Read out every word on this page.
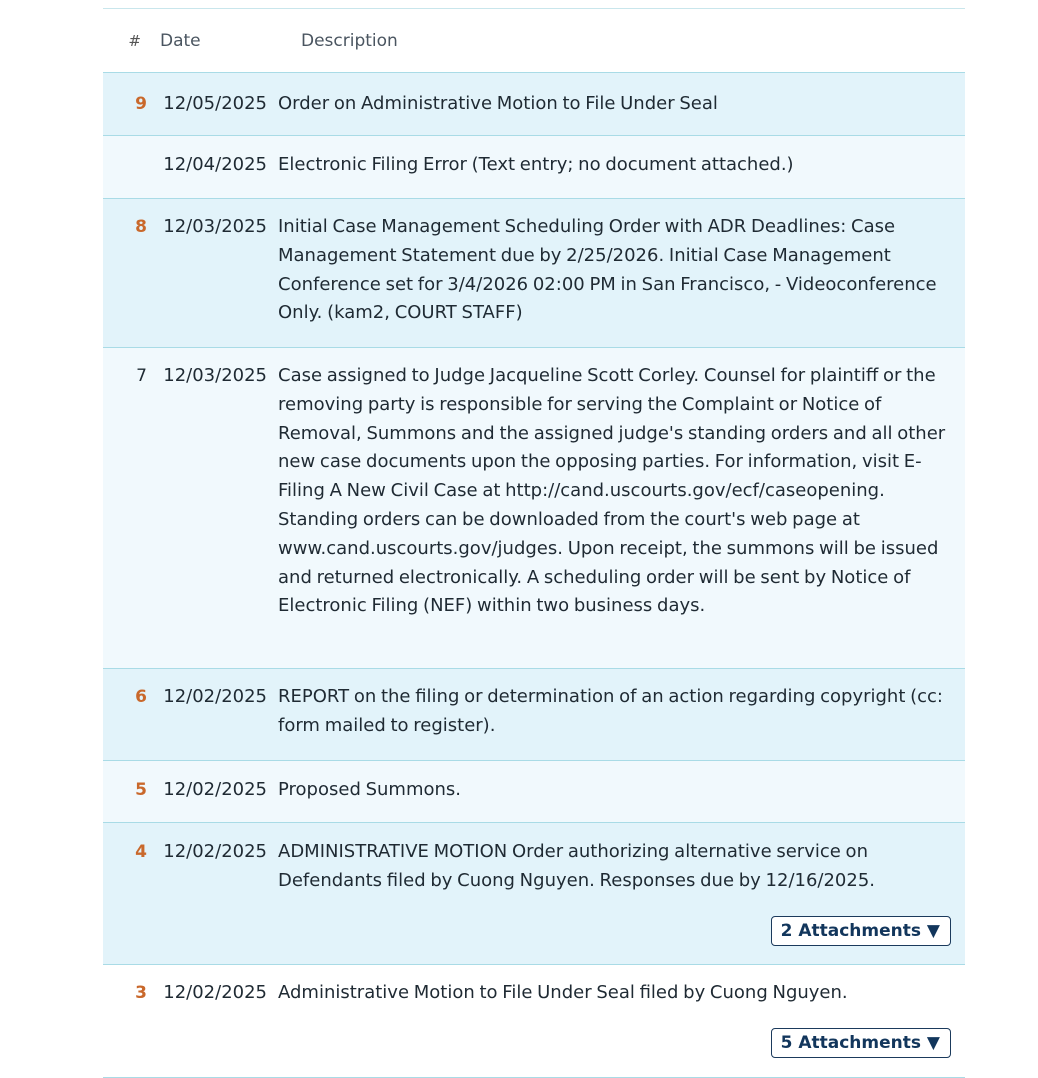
#	Date	Description
9 12/05/2025 Order on Administrative Motion to File Under Seal
12/04/2025 Electronic Filing Error (Text entry; no document attached.)
8 12/03/2025 Initial Case Management Scheduling Order with ADR Deadlines: Case Management Statement due by 2/25/2026. Initial Case Management Conference set for 3/4/2026 02:00 PM in San Francisco, - Videoconference Only. (kam2, COURT STAFF)
7 12/03/2025 Case assigned to Judge Jacqueline Scott Corley. Counsel for plaintiff or the removing party is responsible for serving the Complaint or Notice of Removal, Summons and the assigned judge's standing orders and all other new case documents upon the opposing parties. For information, visit E-Filing A New Civil Case at http://cand.uscourts.gov/ecf/caseopening. Standing orders can be downloaded from the court's web page at www.cand.uscourts.gov/judges. Upon receipt, the summons will be issued and returned electronically. A scheduling order will be sent by Notice of Electronic Filing (NEF) within two business days.
6 12/02/2025 REPORT on the filing or determination of an action regarding copyright (cc: form mailed to register).
5 12/02/2025 Proposed Summons.
4 12/02/2025 ADMINISTRATIVE MOTION Order authorizing alternative service on Defendants filed by Cuong Nguyen. Responses due by 12/16/2025.
2 Attachments ▼
3 12/02/2025 Administrative Motion to File Under Seal filed by Cuong Nguyen.
5 Attachments ▼
